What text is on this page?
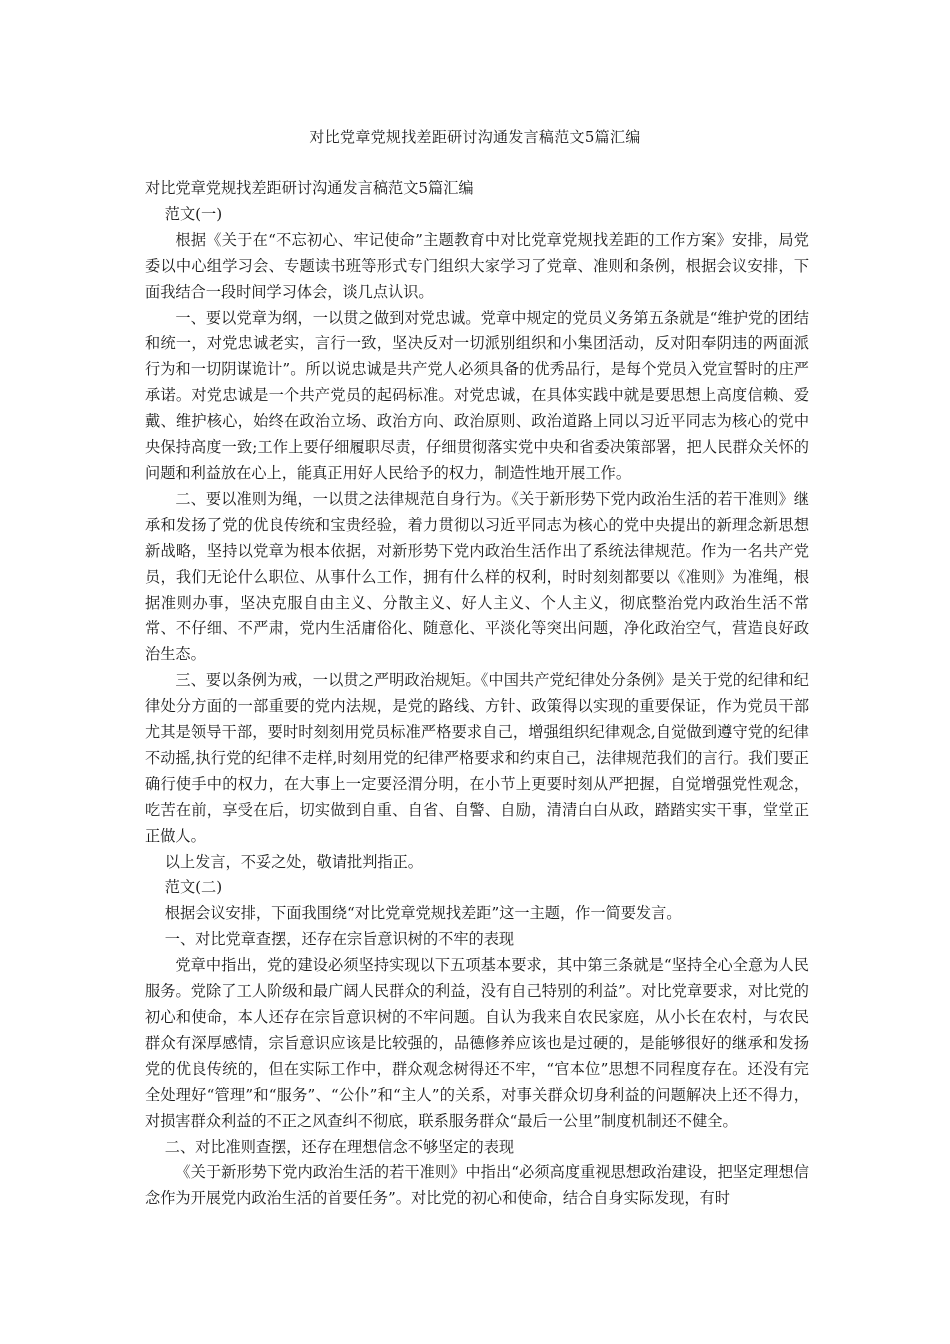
对比党章党规找差距研讨沟通发言稿范文5篇汇编

对比党章党规找差距研讨沟通发言稿范文5篇汇编

范文(一)

根据《关于在“不忘初心、牢记使命”主题教育中对比党章党规找差距的工作方案》安排，局党委以中心组学习会、专题读书班等形式专门组织大家学习了党章、准则和条例，根据会议安排，下面我结合一段时间学习体会，谈几点认识。

一、要以党章为纲，一以贯之做到对党忠诚。党章中规定的党员义务第五条就是“维护党的团结和统一，对党忠诚老实，言行一致，坚决反对一切派别组织和小集团活动，反对阳奉阴违的两面派行为和一切阴谋诡计”。所以说忠诚是共产党人必须具备的优秀品行，是每个党员入党宣誓时的庄严承诺。对党忠诚是一个共产党员的起码标准。对党忠诚，在具体实践中就是要思想上高度信赖、爱戴、维护核心，始终在政治立场、政治方向、政治原则、政治道路上同以习近平同志为核心的党中央保持高度一致;工作上要仔细履职尽责，仔细贯彻落实党中央和省委决策部署，把人民群众关怀的问题和利益放在心上，能真正用好人民给予的权力，制造性地开展工作。

二、要以准则为绳，一以贯之法律规范自身行为。《关于新形势下党内政治生活的若干准则》继承和发扬了党的优良传统和宝贵经验，着力贯彻以习近平同志为核心的党中央提出的新理念新思想新战略，坚持以党章为根本依据，对新形势下党内政治生活作出了系统法律规范。作为一名共产党员，我们无论什么职位、从事什么工作，拥有什么样的权利，时时刻刻都要以《准则》为准绳，根据准则办事，坚决克服自由主义、分散主义、好人主义、个人主义，彻底整治党内政治生活不常常、不仔细、不严肃，党内生活庸俗化、随意化、平淡化等突出问题，净化政治空气，营造良好政治生态。

三、要以条例为戒，一以贯之严明政治规矩。《中国共产党纪律处分条例》是关于党的纪律和纪律处分方面的一部重要的党内法规，是党的路线、方针、政策得以实现的重要保证，作为党员干部尤其是领导干部，要时时刻刻用党员标准严格要求自己，增强组织纪律观念,自觉做到遵守党的纪律不动摇,执行党的纪律不走样,时刻用党的纪律严格要求和约束自己，法律规范我们的言行。我们要正确行使手中的权力，在大事上一定要泾渭分明，在小节上更要时刻从严把握，自觉增强党性观念，吃苦在前，享受在后，切实做到自重、自省、自警、自励，清清白白从政，踏踏实实干事，堂堂正正做人。

以上发言，不妥之处，敬请批判指正。

范文(二)

根据会议安排，下面我围绕“对比党章党规找差距”这一主题，作一简要发言。

一、对比党章查摆，还存在宗旨意识树的不牢的表现

党章中指出，党的建设必须坚持实现以下五项基本要求，其中第三条就是“坚持全心全意为人民服务。党除了工人阶级和最广阔人民群众的利益，没有自己特别的利益”。对比党章要求，对比党的初心和使命，本人还存在宗旨意识树的不牢问题。自认为我来自农民家庭，从小长在农村，与农民群众有深厚感情，宗旨意识应该是比较强的，品德修养应该也是过硬的，是能够很好的继承和发扬党的优良传统的，但在实际工作中，群众观念树得还不牢，“官本位”思想不同程度存在。还没有完全处理好“管理”和“服务”、“公仆”和“主人”的关系，对事关群众切身利益的问题解决上还不得力，对损害群众利益的不正之风查纠不彻底，联系服务群众“最后一公里”制度机制还不健全。

二、对比准则查摆，还存在理想信念不够坚定的表现

《关于新形势下党内政治生活的若干准则》中指出“必须高度重视思想政治建设，把坚定理想信念作为开展党内政治生活的首要任务”。对比党的初心和使命，结合自身实际发现，有时
